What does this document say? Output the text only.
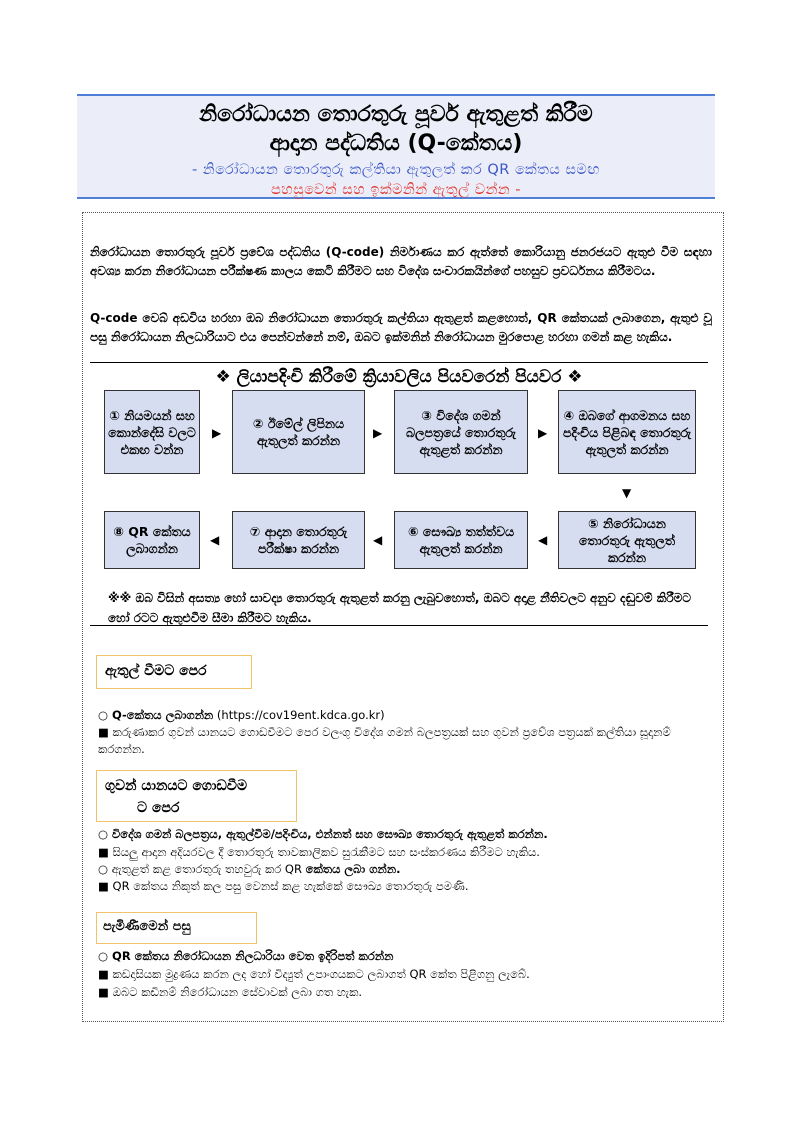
නිරෝධායන තොරතුරු පූර්ව ඇතුළත් කිරීම
ආදාන පද්ධතිය (Q-කේතය)
- නිරෝධායන තොරතුරු කල්තියා ඇතුලත් කර QR කේතය සමඟ
පහසුවෙන් සහ ඉක්මනින් ඇතුල් වන්න -
නිරෝධායන තොරතුරු පූර්ව ප්‍රවේශ පද්ධතිය (Q-code) නිර්මාණය කර ඇත්තේ කොරියානු ජනරජයට ඇතුළු වීම සඳහා අවශ්‍ය කරන නිරෝධායන පරීක්ෂණ කාලය කෙටි කිරීමට සහ විදේශ සංචාරකයින්ගේ පහසුව ප්‍රවර්ධනය කිරීමටය.
Q-code වෙබ් අඩවිය හරහා ඔබ නිරෝධායන තොරතුරු කල්තියා ඇතුළත් කළහොත්, QR කේතයක් ලබාගෙන, ඇතුළු වූ පසු නිරෝධායන නිලධාරියාට එය පෙන්වන්නේ නම්, ඔබට ඉක්මනින් නිරෝධායන මුරපොළ හරහා ගමන් කළ හැකිය.
❖ ලියාපදිංචි කිරීමේ ක්‍රියාවලිය පියවරෙන් පියවර ❖
① නියමයන් සහ කොන්දේසි වලට එකඟ වන්න
▶
② ඊමේල් ලිපිනය ඇතුලත් කරන්න	▶
③ විදේශ ගමන් බලපත්‍රයේ තොරතුරු ඇතුළත් කරන්න
▶
④ ඔබගේ ආගමනය සහ පදිංචිය පිළිබඳ තොරතුරු ඇතුලත් කරන්න
▼
⑧ QR කේතය ලබාගන්න
◀
⑦ ආදාන තොරතුරු පරීක්ෂා කරන්න
◀
⑥ සෞඛ්‍ය තත්ත්වය ඇතුලත් කරන්න
◀
⑤ නිරෝධායන තොරතුරු ඇතුලත් කරන්න
※※ ඔබ විසින් අසත්‍ය හෝ සාවද්‍ය තොරතුරු ඇතුළත් කරනු ලැබුවහොත්, ඔබට අදාළ නීතිවලට අනුව දඬුවම් කිරීමට හෝ රටට ඇතුළුවීම සීමා කිරීමට හැකිය.
ඇතුල් වීමට පෙර
○ Q-කේතය ලබාගන්න (https://cov19ent.kdca.go.kr)
■ කරුණාකර ගුවන් යානයට ගොඩවීමට පෙර වලංගු විදේශ ගමන් බලපත්‍රයක් සහ ගුවන් ප්‍රවේශ පත්‍රයක් කල්තියා සූදානම් කරගන්න.
ගුවන් යානයට ගොඩවීම
ට පෙර
○ විදේශ ගමන් බලපත්‍රය, ඇතුල්වීම/පදිංචිය, එන්නත් සහ සෞඛ්‍ය තොරතුරු ඇතුළත් කරන්න.
■ සියලු ආදාන අදියරවල දී තොරතුරු තාවකාලිකව සුරැකීමට සහ සංස්කරණය කිරීමට හැකිය.
○ ඇතුළත් කළ තොරතුරු තහවුරු කර QR කේතය ලබා ගන්න.
■ QR කේතය නිකුත් කල පසු වෙනස් කළ හැක්කේ සෞඛ්‍ය තොරතුරු පමණි.
පැමිණීමෙන් පසු
○ QR කේතය නිරෝධායන නිලධාරියා වෙත ඉදිරිපත් කරන්න
■ කඩදාසියක මුද්‍රණය කරන ලද හෝ විද්‍යුත් උපාංගයකට ලබාගත් QR කේත පිළිගනු ලැබේ.
■ ඔබට කඩිනම් නිරෝධායන සේවාවක් ලබා ගත හැක.
